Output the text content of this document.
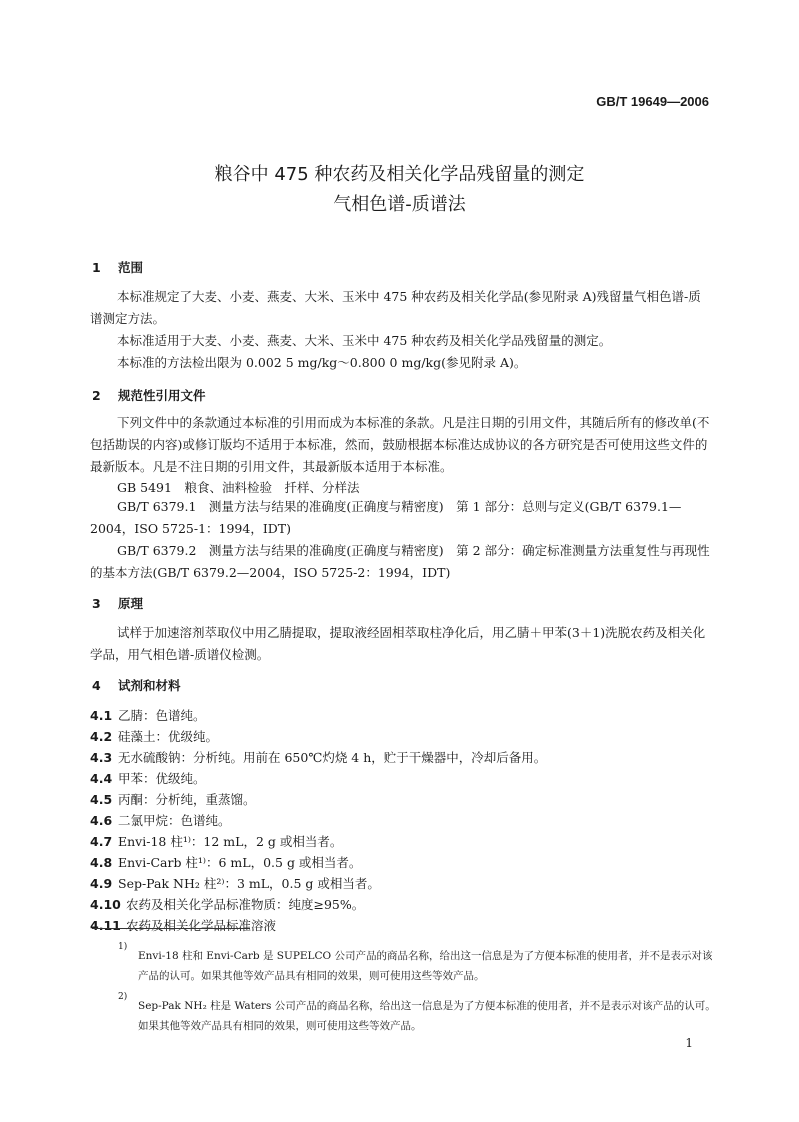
GB/T 19649—2006
粮谷中 475 种农药及相关化学品残留量的测定
气相色谱-质谱法
1 范围
本标准规定了大麦、小麦、燕麦、大米、玉米中 475 种农药及相关化学品(参见附录 A)残留量气相色谱-质谱测定方法。
本标准适用于大麦、小麦、燕麦、大米、玉米中 475 种农药及相关化学品残留量的测定。
本标准的方法检出限为 0.002 5 mg/kg～0.800 0 mg/kg(参见附录 A)。
2 规范性引用文件
下列文件中的条款通过本标准的引用而成为本标准的条款。凡是注日期的引用文件，其随后所有的修改单(不包括勘误的内容)或修订版均不适用于本标准，然而，鼓励根据本标准达成协议的各方研究是否可使用这些文件的最新版本。凡是不注日期的引用文件，其最新版本适用于本标准。
GB 5491　粮食、油料检验　扦样、分样法
GB/T 6379.1　测量方法与结果的准确度(正确度与精密度)　第 1 部分：总则与定义(GB/T 6379.1—2004，ISO 5725-1：1994，IDT)
GB/T 6379.2　测量方法与结果的准确度(正确度与精密度)　第 2 部分：确定标准测量方法重复性与再现性的基本方法(GB/T 6379.2—2004，ISO 5725-2：1994，IDT)
3 原理
试样于加速溶剂萃取仪中用乙腈提取，提取液经固相萃取柱净化后，用乙腈＋甲苯(3＋1)洗脱农药及相关化学品，用气相色谱-质谱仪检测。
4 试剂和材料
4.1 乙腈：色谱纯。
4.2 硅藻土：优级纯。
4.3 无水硫酸钠：分析纯。用前在 650℃灼烧 4 h，贮于干燥器中，冷却后备用。
4.4 甲苯：优级纯。
4.5 丙酮：分析纯，重蒸馏。
4.6 二氯甲烷：色谱纯。
4.7 Envi-18 柱¹⁾：12 mL，2 g 或相当者。
4.8 Envi-Carb 柱¹⁾：6 mL，0.5 g 或相当者。
4.9 Sep-Pak NH₂ 柱²⁾：3 mL，0.5 g 或相当者。
4.10 农药及相关化学品标准物质：纯度≥95%。
4.11 农药及相关化学品标准溶液
1)
Envi-18 柱和 Envi-Carb 是 SUPELCO 公司产品的商品名称，给出这一信息是为了方便本标准的使用者，并不是表示对该产品的认可。如果其他等效产品具有相同的效果，则可使用这些等效产品。
2)
Sep-Pak NH₂ 柱是 Waters 公司产品的商品名称，给出这一信息是为了方便本标准的使用者，并不是表示对该产品的认可。如果其他等效产品具有相同的效果，则可使用这些等效产品。
1
